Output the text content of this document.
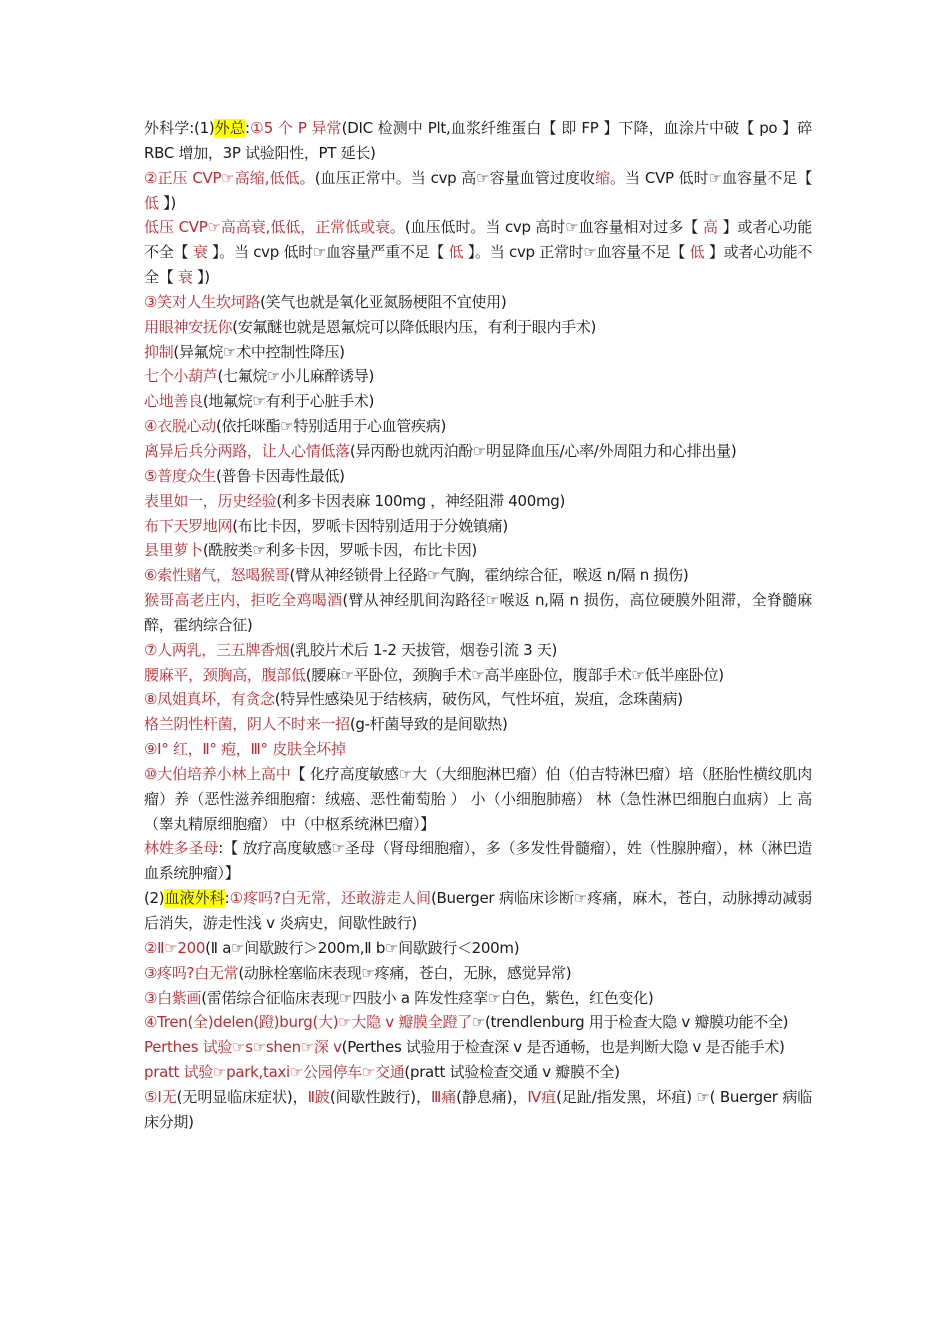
外科学:(1)外总:①5 个 P 异常(DIC 检测中 Plt,血浆纤维蛋白【 即 FP 】下降，血涂片中破【 po 】碎 RBC 增加，3P 试验阳性，PT 延长)
②正压 CVP☞高缩,低低。(血压正常中。当 cvp 高☞容量血管过度收缩。当 CVP 低时☞血容量不足【 低 】)
低压 CVP☞高高衰,低低，正常低或衰。(血压低时。当 cvp 高时☞血容量相对过多【 高 】或者心功能不全【 衰 】。当 cvp 低时☞血容量严重不足【 低 】。当 cvp 正常时☞血容量不足【 低 】或者心功能不全【 衰 】)
③笑对人生坎坷路(笑气也就是氧化亚氮肠梗阻不宜使用)
用眼神安抚你(安氟醚也就是恩氟烷可以降低眼内压，有利于眼内手术)
抑制(异氟烷☞术中控制性降压)
七个小葫芦(七氟烷☞小儿麻醉诱导)
心地善良(地氟烷☞有利于心脏手术)
④衣脱心动(依托咪酯☞特别适用于心血管疾病)
离异后兵分两路，让人心情低落(异丙酚也就丙泊酚☞明显降血压/心率/外周阻力和心排出量)
⑤普度众生(普鲁卡因毒性最低)
表里如一，历史经验(利多卡因表麻 100mg ，神经阻滞 400mg)
布下天罗地网(布比卡因，罗哌卡因特别适用于分娩镇痛)
县里萝卜(酰胺类☞利多卡因，罗哌卡因，布比卡因)
⑥索性赌气，怒喝猴哥(臂从神经锁骨上径路☞气胸，霍纳综合征，喉返 n/隔 n 损伤)
猴哥高老庄内，拒吃全鸡喝酒(臂从神经肌间沟路径☞喉返 n,隔 n 损伤，高位硬膜外阻滞，全脊髓麻醉，霍纳综合征)
⑦人两乳，三五牌香烟(乳胶片术后 1-2 天拔管，烟卷引流 3 天)
腰麻平，颈胸高，腹部低(腰麻☞平卧位，颈胸手术☞高半座卧位，腹部手术☞低半座卧位)
⑧凤姐真坏，有贪念(特异性感染见于结核病，破伤风，气性坏疽，炭疽，念珠菌病)
格兰阴性杆菌，阴人不时来一招(g-杆菌导致的是间歇热)
⑨Ⅰ° 红，Ⅱ° 疱，Ⅲ° 皮肤全坏掉
⑩大伯培养小林上高中【 化疗高度敏感☞大（大细胞淋巴瘤）伯（伯吉特淋巴瘤）培（胚胎性横纹肌肉瘤）养（恶性滋养细胞瘤：绒癌、恶性葡萄胎 ） 小（小细胞肺癌） 林（急性淋巴细胞白血病）上 高（睾丸精原细胞瘤） 中（中枢系统淋巴瘤）】
林姓多圣母:【 放疗高度敏感☞圣母（肾母细胞瘤），多（多发性骨髓瘤），姓（性腺肿瘤），林（淋巴造血系统肿瘤）】
(2)血液外科:①疼吗?白无常，还敢游走人间(Buerger 病临床诊断☞疼痛，麻木，苍白，动脉搏动减弱后消失，游走性浅 v 炎病史，间歇性跛行)
②Ⅱ☞200(Ⅱ a☞间歇跛行＞200m,Ⅱ b☞间歇跛行＜200m)
③疼吗?白无常(动脉栓塞临床表现☞疼痛，苍白，无脉，感觉异常)
③白紫画(雷偌综合征临床表现☞四肢小 a 阵发性痉挛☞白色，紫色，红色变化)
④Tren(全)delen(蹬)burg(大)☞大隐 v 瓣膜全蹬了☞(trendlenburg 用于检查大隐 v 瓣膜功能不全)
Perthes 试验☞s☞shen☞深 v(Perthes 试验用于检查深 v 是否通畅，也是判断大隐 v 是否能手术)
pratt 试验☞park,taxi☞公园停车☞交通(pratt 试验检查交通 v 瓣膜不全)
⑤Ⅰ无(无明显临床症状)，Ⅱ跛(间歇性跛行)，Ⅲ痛(静息痛)，Ⅳ疽(足趾/指发黑，坏疽) ☞( Buerger 病临床分期)
